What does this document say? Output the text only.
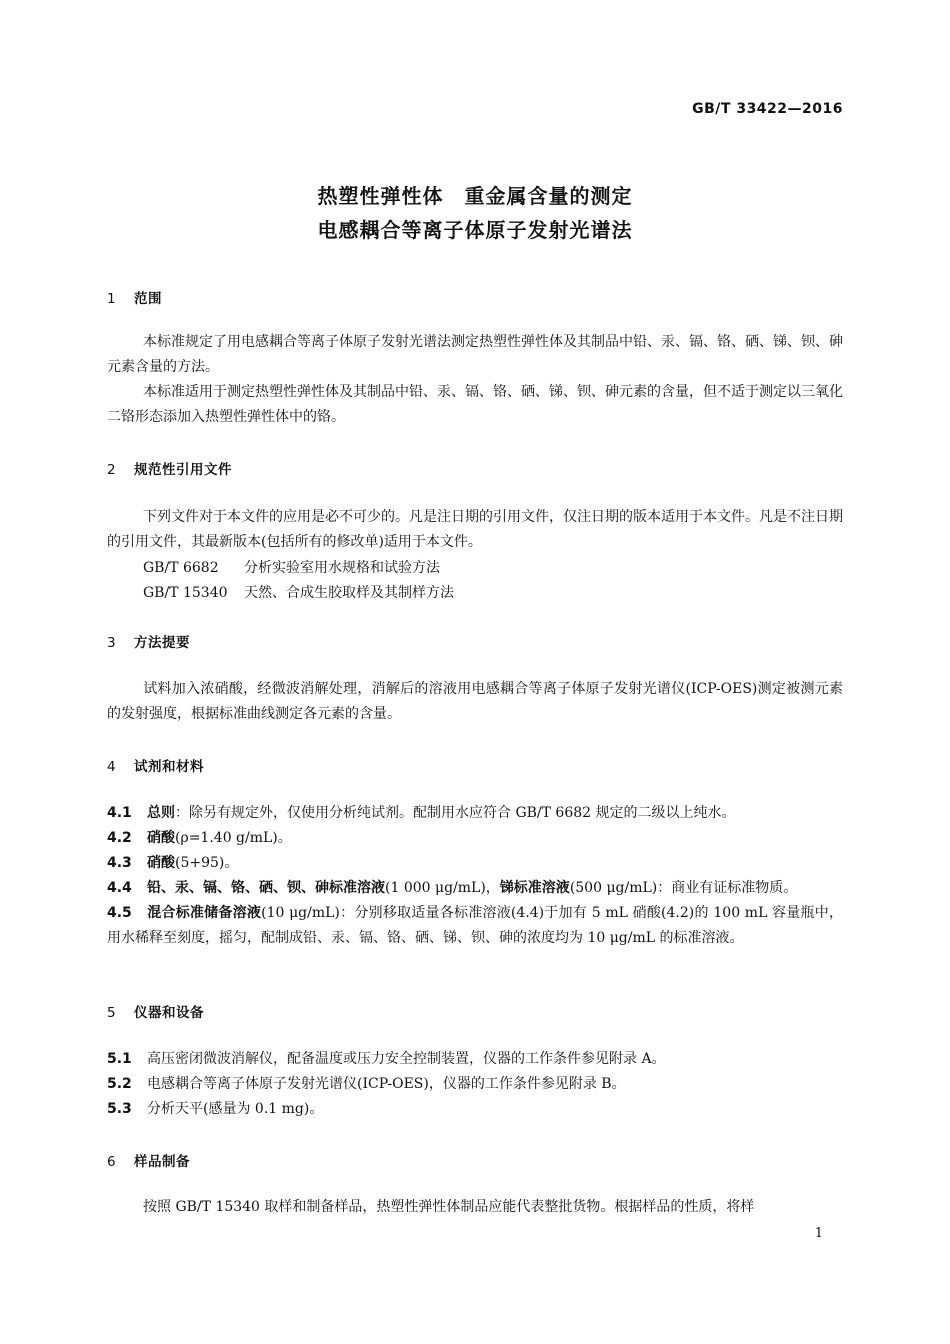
GB/T 33422—2016
热塑性弹性体　重金属含量的测定
电感耦合等离子体原子发射光谱法
1 范围
本标准规定了用电感耦合等离子体原子发射光谱法测定热塑性弹性体及其制品中铅、汞、镉、铬、硒、锑、钡、砷元素含量的方法。
本标准适用于测定热塑性弹性体及其制品中铅、汞、镉、铬、硒、锑、钡、砷元素的含量，但不适于测定以三氧化二铬形态添加入热塑性弹性体中的铬。
2 规范性引用文件
下列文件对于本文件的应用是必不可少的。凡是注日期的引用文件，仅注日期的版本适用于本文件。凡是不注日期的引用文件，其最新版本(包括所有的修改单)适用于本文件。
GB/T 6682 分析实验室用水规格和试验方法
GB/T 15340 天然、合成生胶取样及其制样方法
3 方法提要
试料加入浓硝酸，经微波消解处理，消解后的溶液用电感耦合等离子体原子发射光谱仪(ICP-OES)测定被测元素的发射强度，根据标准曲线测定各元素的含量。
4 试剂和材料
4.1 总则：除另有规定外，仅使用分析纯试剂。配制用水应符合 GB/T 6682 规定的二级以上纯水。
4.2 硝酸(ρ=1.40 g/mL)。
4.3 硝酸(5+95)。
4.4 铅、汞、镉、铬、硒、钡、砷标准溶液(1 000 μg/mL)，锑标准溶液(500 μg/mL)：商业有证标准物质。
4.5 混合标准储备溶液(10 μg/mL)：分别移取适量各标准溶液(4.4)于加有 5 mL 硝酸(4.2)的 100 mL 容量瓶中，用水稀释至刻度，摇匀，配制成铅、汞、镉、铬、硒、锑、钡、砷的浓度均为 10 μg/mL 的标准溶液。
5 仪器和设备
5.1 高压密闭微波消解仪，配备温度或压力安全控制装置，仪器的工作条件参见附录 A。
5.2 电感耦合等离子体原子发射光谱仪(ICP-OES)，仪器的工作条件参见附录 B。
5.3 分析天平(感量为 0.1 mg)。
6 样品制备
按照 GB/T 15340 取样和制备样品，热塑性弹性体制品应能代表整批货物。根据样品的性质，将样
1
